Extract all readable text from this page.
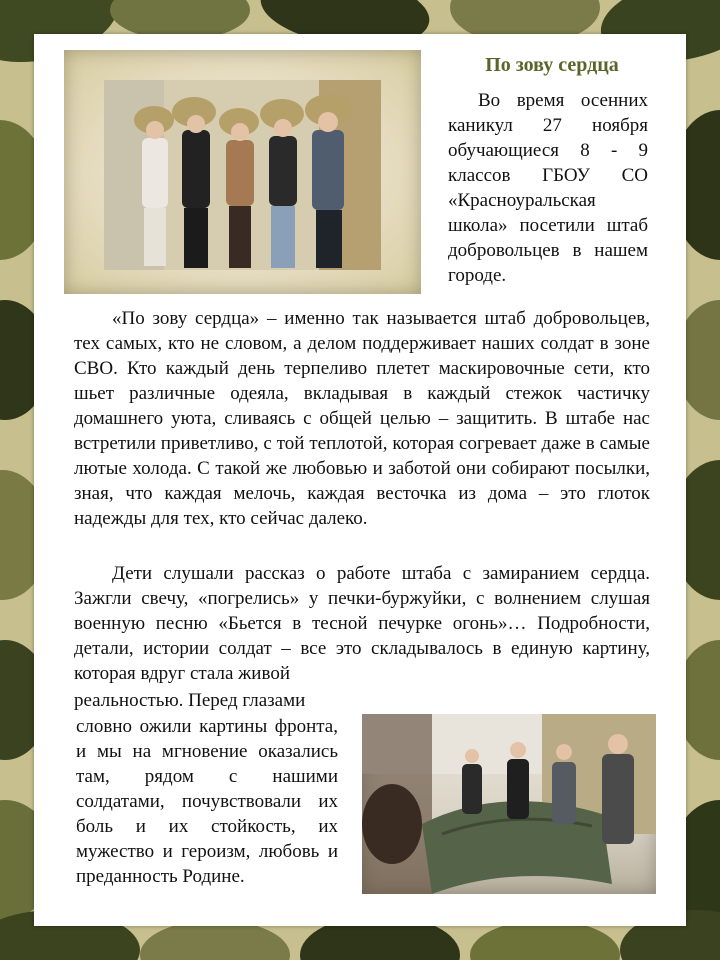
По зову сердца

Во время осенних каникул 27 ноября обучающиеся 8 - 9 классов ГБОУ СО «Красноуральская школа» посетили штаб добровольцев в нашем городе.

«По зову сердца» – именно так называется штаб добровольцев, тех самых, кто не словом, а делом поддерживает наших солдат в зоне СВО. Кто каждый день терпеливо плетет маскировочные сети, кто шьет различные одеяла, вкладывая в каждый стежок частичку домашнего уюта, сливаясь с общей целью – защитить. В штабе нас встретили приветливо, с той теплотой, которая согревает даже в самые лютые холода. С такой же любовью и заботой они собирают посылки, зная, что каждая мелочь, каждая весточка из дома – это глоток надежды для тех, кто сейчас далеко.

Дети слушали рассказ о работе штаба с замиранием сердца. Зажгли свечу, «погрелись» у печки-буржуйки, с волнением слушая военную песню «Бьется в тесной печурке огонь»… Подробности, детали, истории солдат – все это складывалось в единую картину, которая вдруг стала живой

реальностью. Перед глазами

словно ожили картины фронта, и мы на мгновение оказались там, рядом с нашими солдатами, почувствовали их боль и их стойкость, их мужество и героизм, любовь и преданность Родине.
